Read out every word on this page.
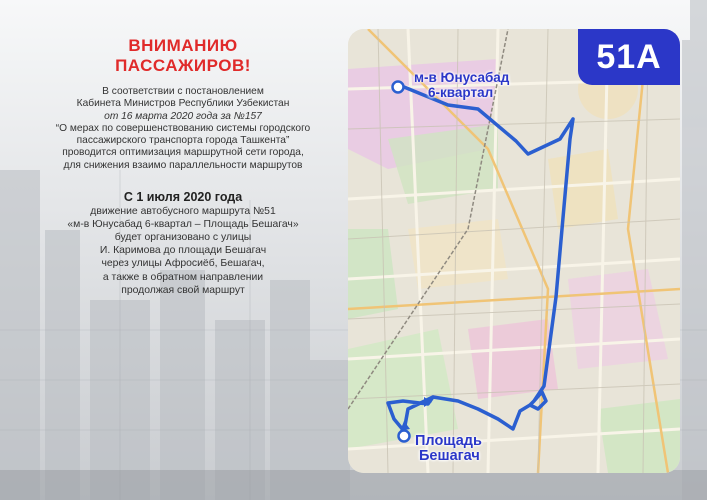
ВНИМАНИЮ
ПАССАЖИРОВ!
В соответствии с постановлением
Кабинета Министров Республики Узбекистан
от 16 марта 2020 года за №157
“О мерах по совершенствованию системы городского
пассажирского транспорта города Ташкента”
проводится оптимизация маршрутной сети города,
для снижения взаимо параллельности маршрутов
С 1 июля 2020 года
движение автобусного маршрута №51
«м-в Юнусабад 6-квартал – Площадь Бешагач»
будет организовано с улицы
И. Каримова до площади Бешагач
через улицы Афросиёб, Бешагач,
а также в обратном направлении
продолжая свой маршрут
51А
м-в Юнусабад
6-квартал
Площадь
Бешагач
